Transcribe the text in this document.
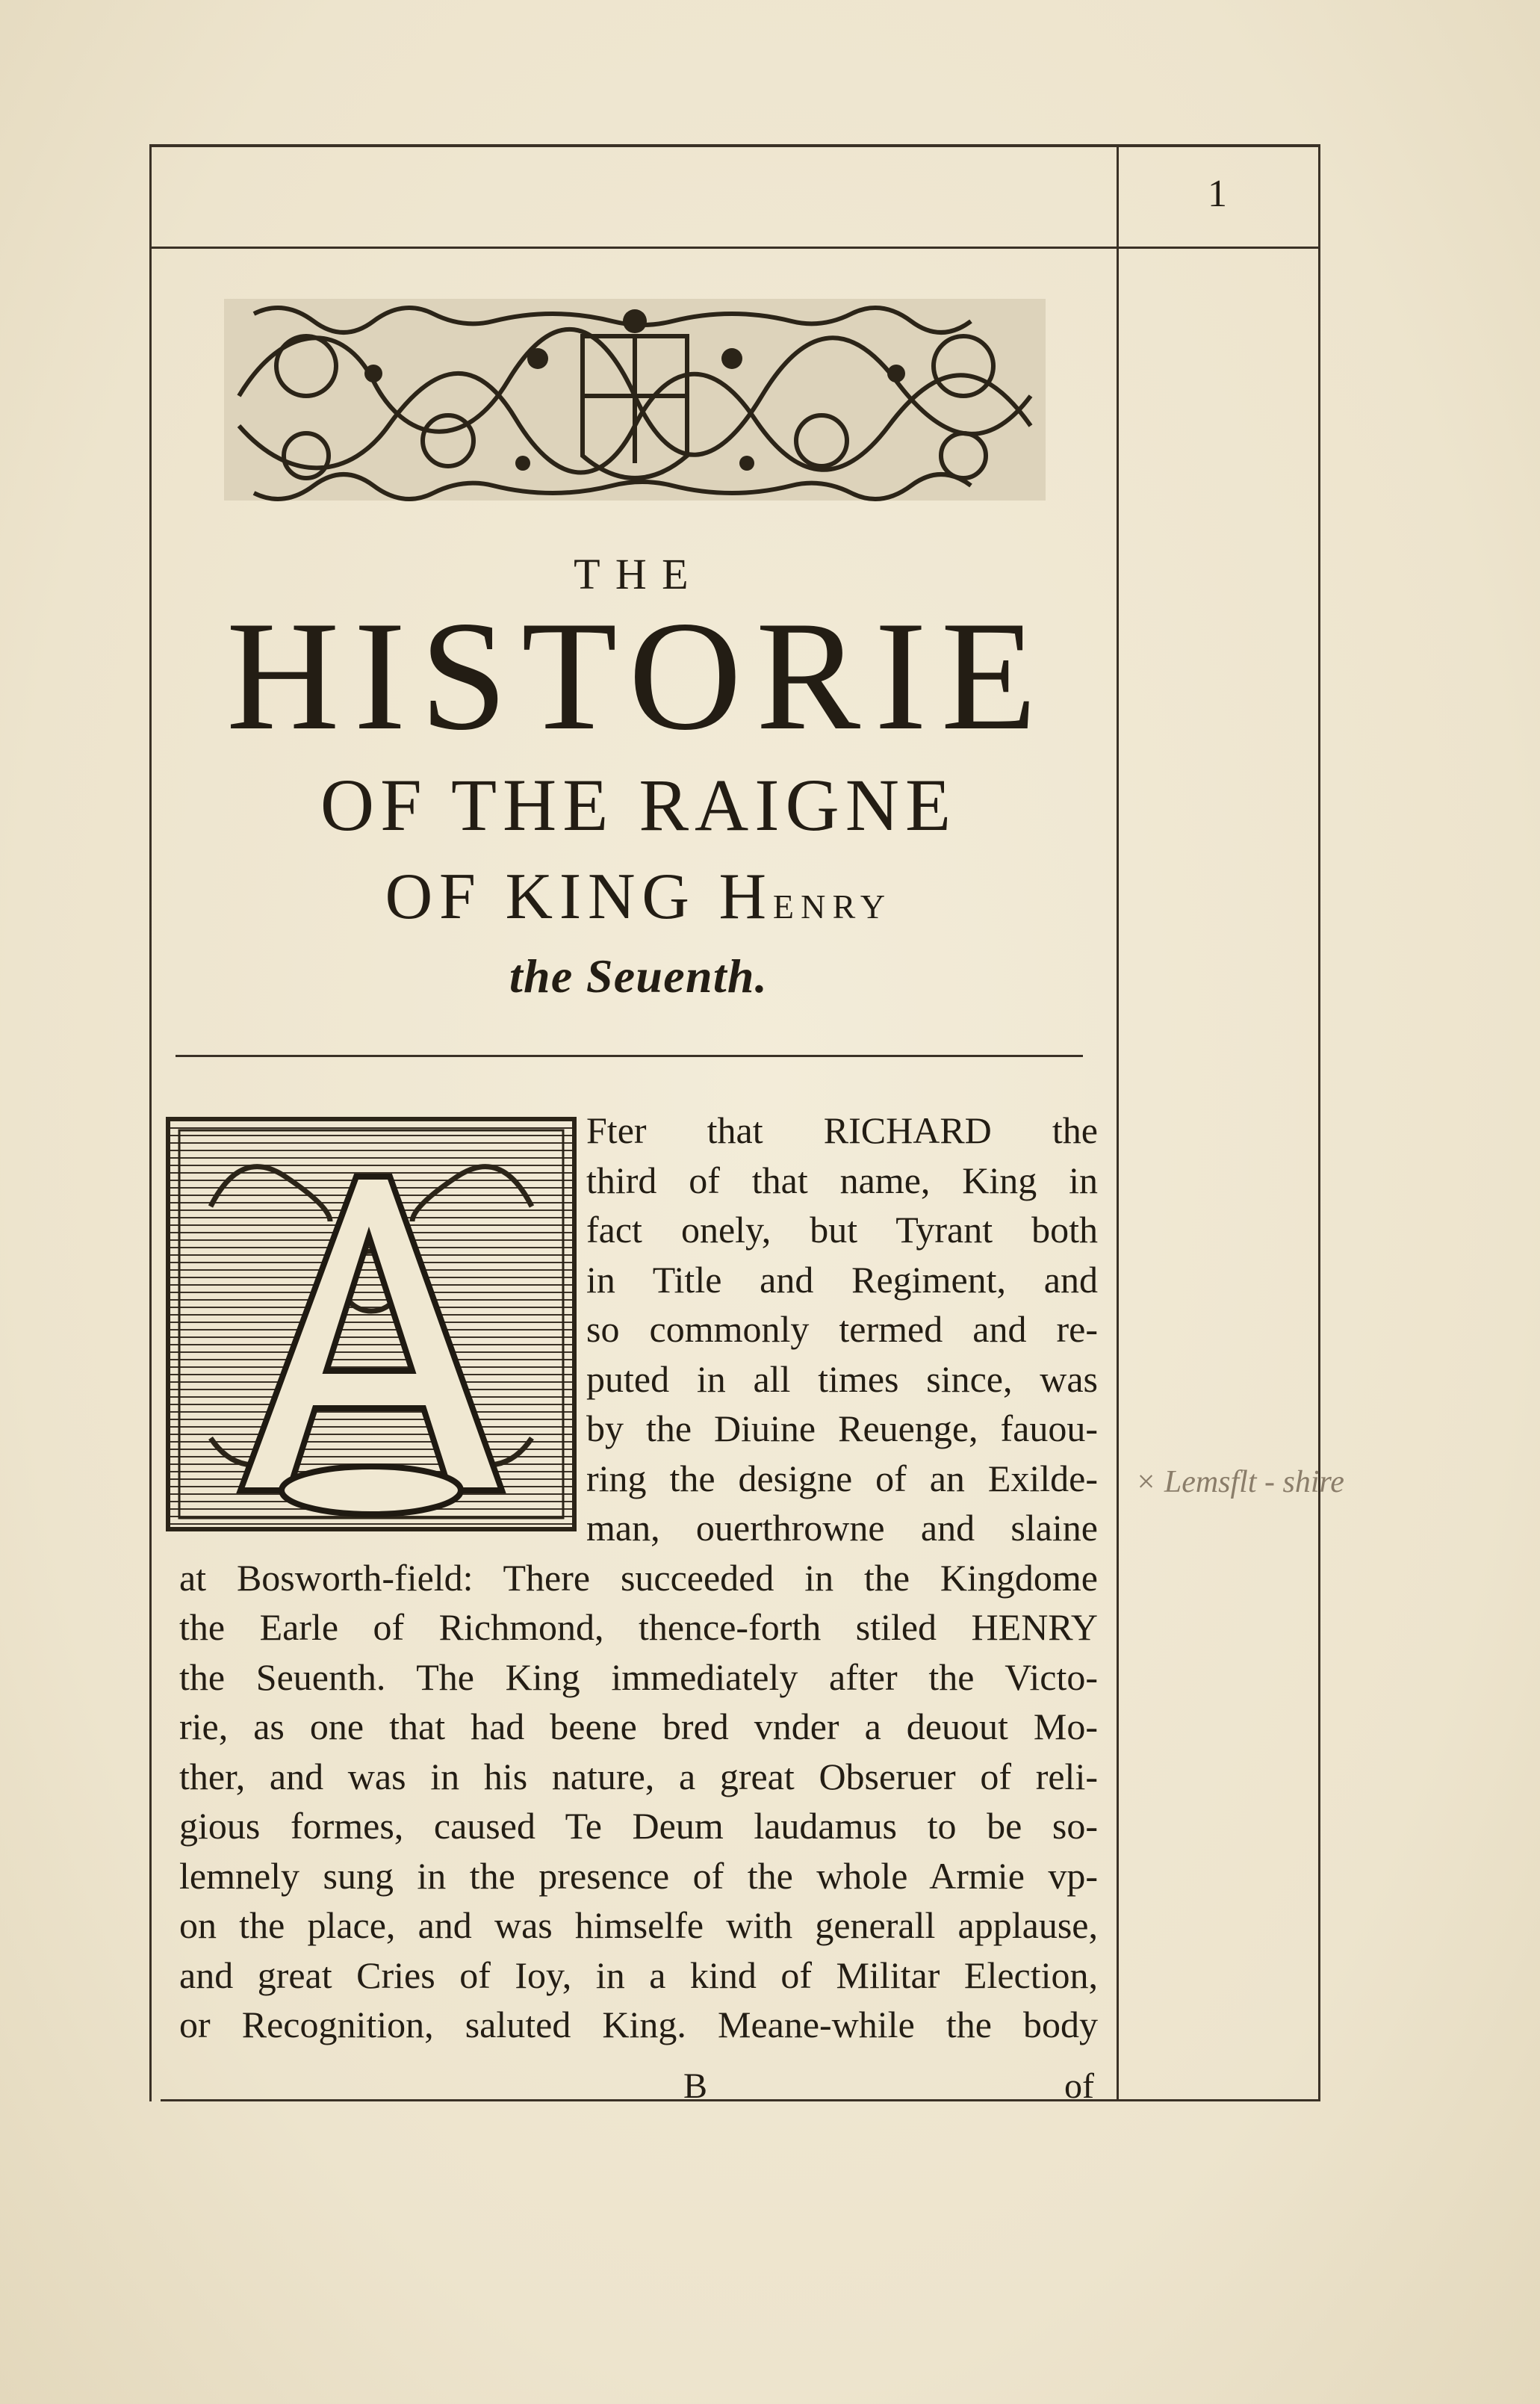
1
THE
HISTORIE
OF THE RAIGNE
OF KING HENRY
the Seuenth.
Fter that RICHARD the
third of that name, King in
fact onely, but Tyrant both
in Title and Regiment, and
so commonly termed and re-
puted in all times since, was
by the Diuine Reuenge, fauou-
ring the designe of an Exilde-
man, ouerthrowne and slaine
at Bosworth-field: There succeeded in the Kingdome
the Earle of Richmond, thence-forth stiled HENRY
the Seuenth. The King immediately after the Victo-
rie, as one that had beene bred vnder a deuout Mo-
ther, and was in his nature, a great Obseruer of reli-
gious formes, caused Te Deum laudamus to be so-
lemnely sung in the presence of the whole Armie vp-
on the place, and was himselfe with generall applause,
and great Cries of Ioy, in a kind of Militar Election,
or Recognition, saluted King. Meane-while the body
B	of
× Lemsflt - shire
